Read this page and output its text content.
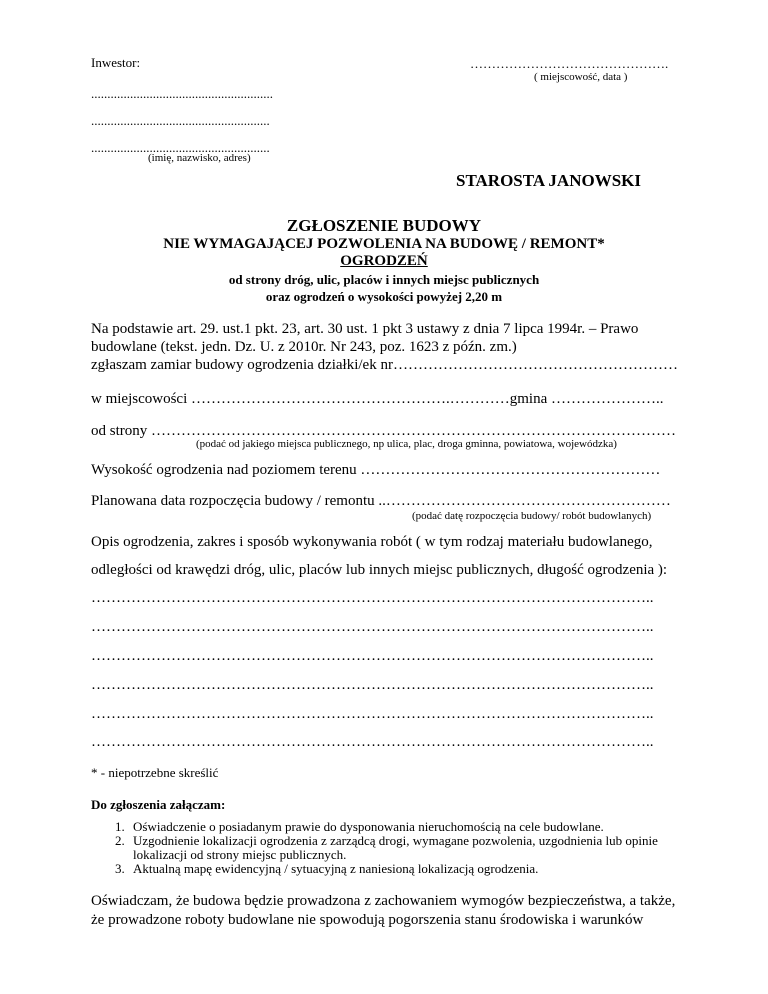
Inwestor:	……………………………………….
( miejscowość, data )
........................................................
.......................................................
.......................................................
(imię, nazwisko, adres)
STAROSTA JANOWSKI
ZGŁOSZENIE BUDOWY
NIE WYMAGAJĄCEJ POZWOLENIA NA BUDOWĘ / REMONT*
OGRODZEŃ
od strony dróg, ulic, placów i innych miejsc publicznych
oraz ogrodzeń o wysokości powyżej 2,20 m
Na podstawie art. 29. ust.1 pkt. 23, art. 30 ust. 1 pkt 3 ustawy z dnia 7 lipca 1994r. – Prawo
budowlane (tekst. jedn. Dz. U. z 2010r. Nr 243, poz. 1623 z późn. zm.)
zgłaszam zamiar budowy ogrodzenia działki/ek nr…………………………………………………
w miejscowości …………………………………………….…………gmina …………………..
od strony ……………………………………………………………………………………………
(podać od jakiego miejsca publicznego, np ulica, plac, droga gminna, powiatowa, wojewódzka)
Wysokość ogrodzenia nad poziomem terenu ……………………………………………………
Planowana data rozpoczęcia budowy / remontu ..…………………………………………………
(podać datę rozpoczęcia budowy/ robót budowlanych)
Opis ogrodzenia, zakres i sposób wykonywania robót ( w tym rodzaj materiału budowlanego,
odległości od krawędzi dróg, ulic, placów lub innych miejsc publicznych, długość ogrodzenia ):
…………………………………………………………………………………………………..
…………………………………………………………………………………………………..
…………………………………………………………………………………………………..
…………………………………………………………………………………………………..
…………………………………………………………………………………………………..
…………………………………………………………………………………………………..
* - niepotrzebne skreślić
Do zgłoszenia załączam:
1. Oświadczenie o posiadanym prawie do dysponowania nieruchomością na cele budowlane.
2. Uzgodnienie lokalizacji ogrodzenia z zarządcą drogi, wymagane pozwolenia, uzgodnienia lub opinie lokalizacji od strony miejsc publicznych.
3. Aktualną mapę ewidencyjną / sytuacyjną z naniesioną lokalizacją ogrodzenia.
Oświadczam, że budowa będzie prowadzona z zachowaniem wymogów bezpieczeństwa, a także,
że prowadzone roboty budowlane nie spowodują pogorszenia stanu środowiska i warunków
